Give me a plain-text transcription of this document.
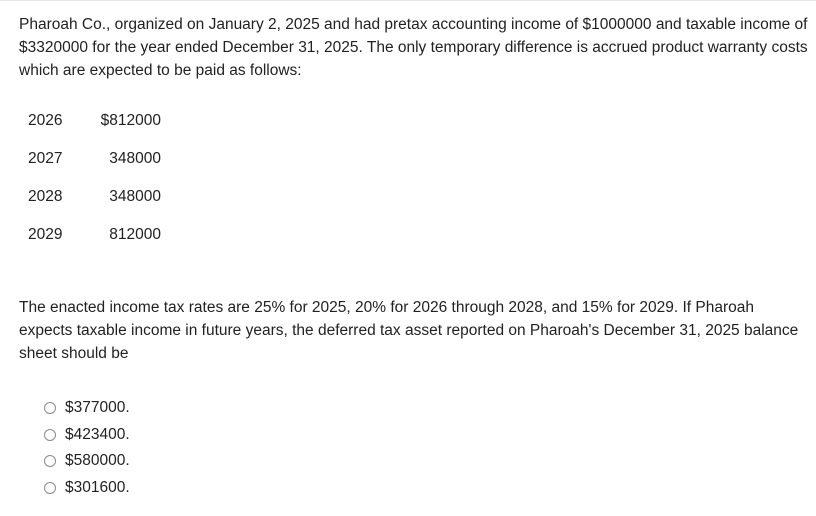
Pharoah Co., organized on January 2, 2025 and had pretax accounting income of $1000000 and taxable income of $3320000 for the year ended December 31, 2025. The only temporary difference is accrued product warranty costs which are expected to be paid as follows:

2026 $812000
2027	348000
2028	348000
2029	812000

The enacted income tax rates are 25% for 2025, 20% for 2026 through 2028, and 15% for 2029. If Pharoah expects taxable income in future years, the deferred tax asset reported on Pharoah's December 31, 2025 balance sheet should be

$377000.
$423400.
$580000.
$301600.
